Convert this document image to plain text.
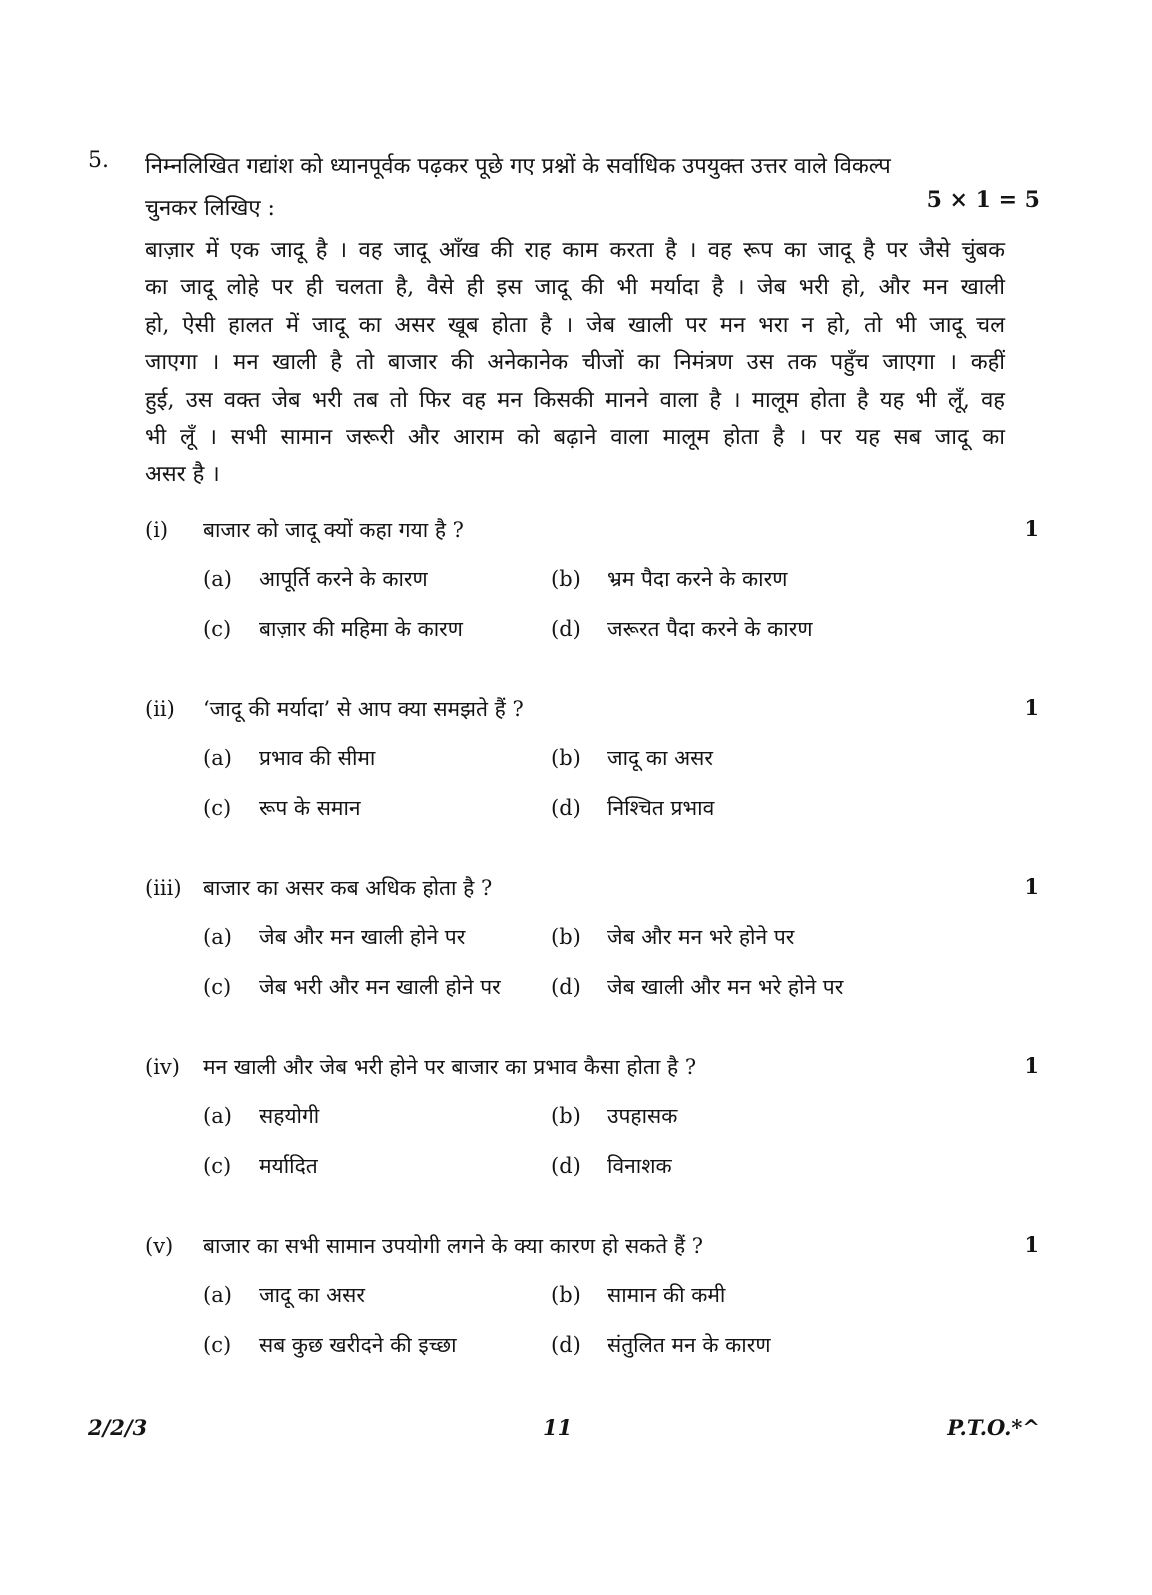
5. निम्नलिखित गद्यांश को ध्यानपूर्वक पढ़कर पूछे गए प्रश्नों के सर्वाधिक उपयुक्त उत्तर वाले विकल्प
चुनकर लिखिए :	5 × 1 = 5
बाज़ार में एक जादू है । वह जादू आँख की राह काम करता है । वह रूप का जादू है पर जैसे चुंबक
का जादू लोहे पर ही चलता है, वैसे ही इस जादू की भी मर्यादा है । जेब भरी हो, और मन खाली
हो, ऐसी हालत में जादू का असर खूब होता है । जेब खाली पर मन भरा न हो, तो भी जादू चल
जाएगा । मन खाली है तो बाजार की अनेकानेक चीजों का निमंत्रण उस तक पहुँच जाएगा । कहीं
हुई, उस वक्त जेब भरी तब तो फिर वह मन किसकी मानने वाला है । मालूम होता है यह भी लूँ, वह
भी लूँ । सभी सामान जरूरी और आराम को बढ़ाने वाला मालूम होता है । पर यह सब जादू का
असर है ।
(i) बाजार को जादू क्यों कहा गया है ?	1
(a) आपूर्ति करने के कारण	(b) भ्रम पैदा करने के कारण
(c) बाज़ार की महिमा के कारण	(d) जरूरत पैदा करने के कारण
(ii) ‘जादू की मर्यादा’ से आप क्या समझते हैं ?	1
(a) प्रभाव की सीमा	(b) जादू का असर
(c) रूप के समान	(d) निश्चित प्रभाव
(iii) बाजार का असर कब अधिक होता है ?	1
(a) जेब और मन खाली होने पर	(b) जेब और मन भरे होने पर
(c) जेब भरी और मन खाली होने पर (d) जेब खाली और मन भरे होने पर
(iv) मन खाली और जेब भरी होने पर बाजार का प्रभाव कैसा होता है ?	1
(a) सहयोगी	(b) उपहासक
(c) मर्यादित	(d) विनाशक
(v) बाजार का सभी सामान उपयोगी लगने के क्या कारण हो सकते हैं ?	1
(a) जादू का असर	(b) सामान की कमी
(c) सब कुछ खरीदने की इच्छा	(d) संतुलित मन के कारण
2/2/3	11	P.T.O.*^
